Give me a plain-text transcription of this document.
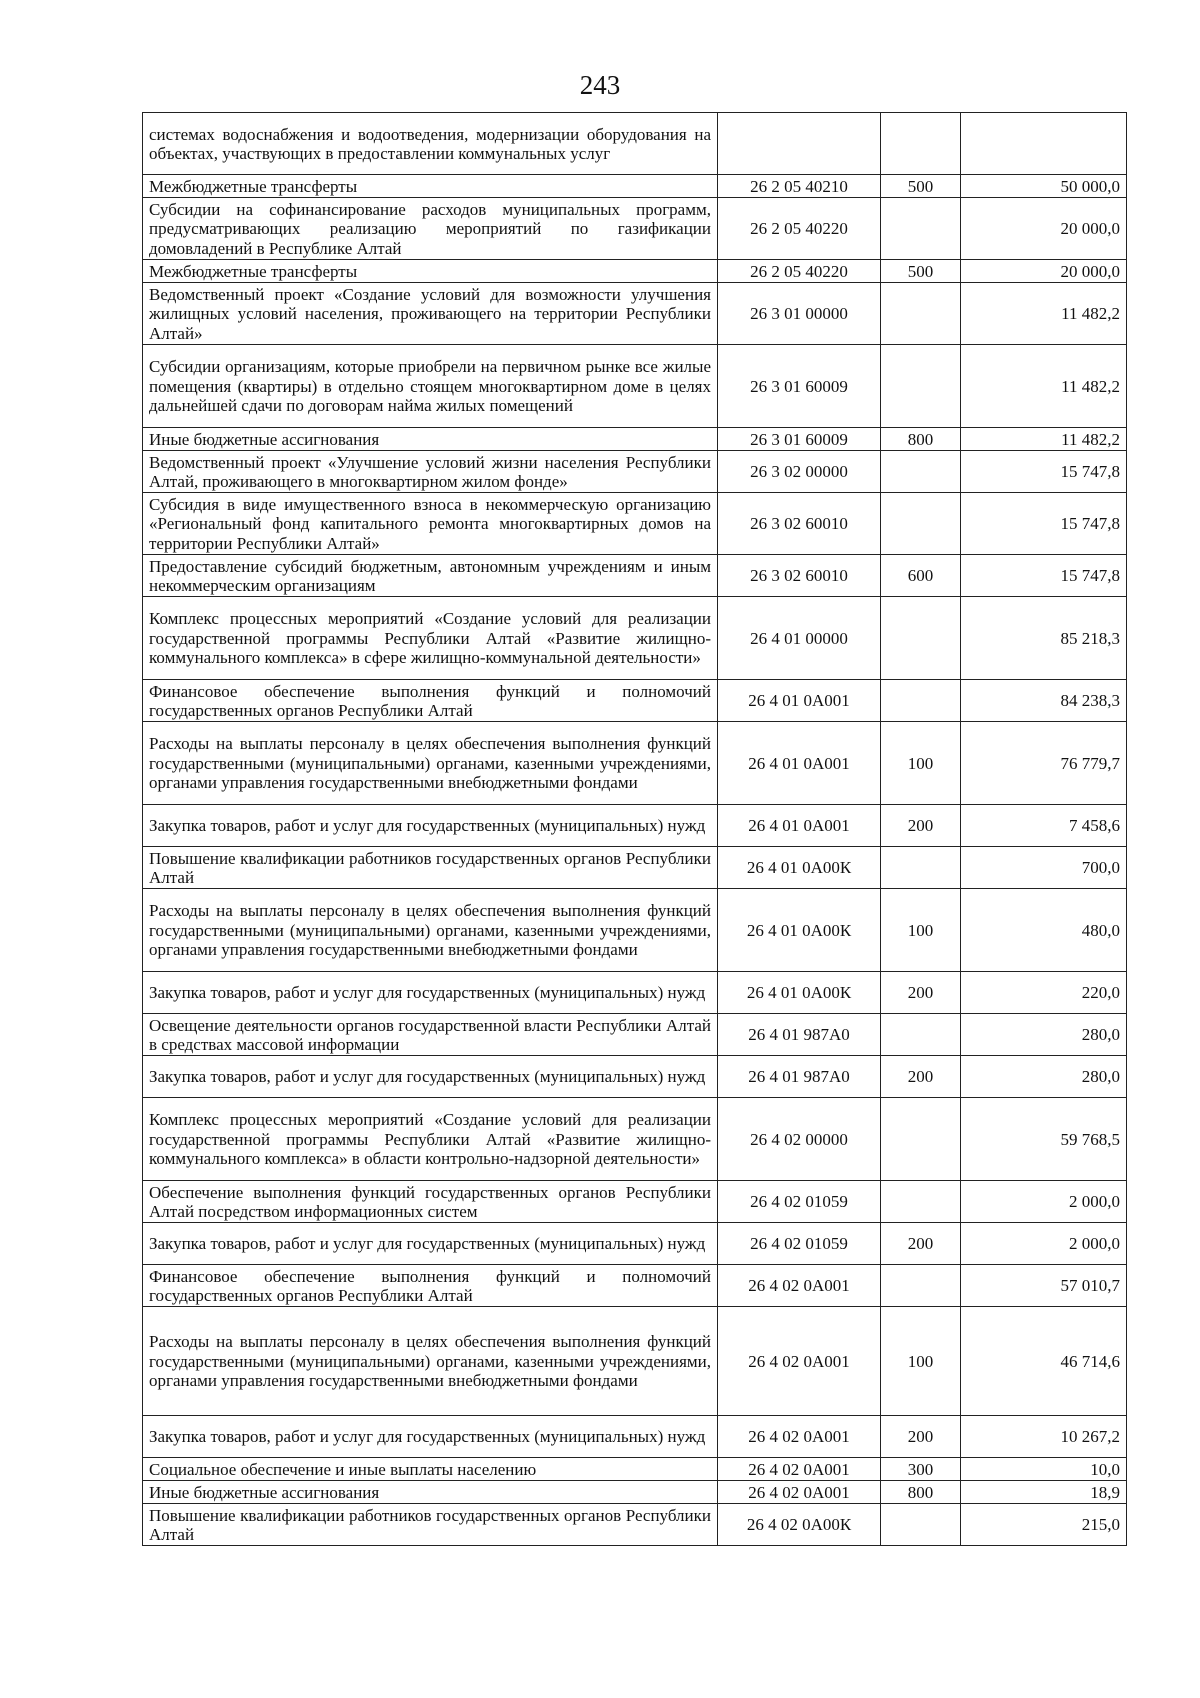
243
системах водоснабжения и водоотведения, модернизации оборудования на объектах, участвующих в предоставлении коммунальных услуг			
Межбюджетные трансферты	26 2 05 40210	500	50 000,0
Субсидии на софинансирование расходов муниципальных программ, предусматривающих реализацию мероприятий по газификации домовладений в Республике Алтай	26 2 05 40220		20 000,0
Межбюджетные трансферты	26 2 05 40220	500	20 000,0
Ведомственный проект «Создание условий для возможности улучшения жилищных условий населения, проживающего на территории Республики Алтай»	26 3 01 00000		11 482,2
Субсидии организациям, которые приобрели на первичном рынке все жилые помещения (квартиры) в отдельно стоящем многоквартирном доме в целях дальнейшей сдачи по договорам найма жилых помещений	26 3 01 60009		11 482,2
Иные бюджетные ассигнования	26 3 01 60009	800	11 482,2
Ведомственный проект «Улучшение условий жизни населения Республики Алтай, проживающего в многоквартирном жилом фонде»	26 3 02 00000		15 747,8
Субсидия в виде имущественного взноса в некоммерческую организацию «Региональный фонд капитального ремонта многоквартирных домов на территории Республики Алтай»	26 3 02 60010		15 747,8
Предоставление субсидий бюджетным, автономным учреждениям и иным некоммерческим организациям	26 3 02 60010	600	15 747,8
Комплекс процессных мероприятий «Создание условий для реализации государственной программы Республики Алтай «Развитие жилищно-коммунального комплекса» в сфере жилищно-коммунальной деятельности»	26 4 01 00000		85 218,3
Финансовое обеспечение выполнения функций и полномочий государственных органов Республики Алтай	26 4 01 0А001		84 238,3
Расходы на выплаты персоналу в целях обеспечения выполнения функций государственными (муниципальными) органами, казенными учреждениями, органами управления государственными внебюджетными фондами	26 4 01 0А001	100	76 779,7
Закупка товаров, работ и услуг для государственных (муниципальных) нужд	26 4 01 0А001	200	7 458,6
Повышение квалификации работников государственных органов Республики Алтай	26 4 01 0А00К		700,0
Расходы на выплаты персоналу в целях обеспечения выполнения функций государственными (муниципальными) органами, казенными учреждениями, органами управления государственными внебюджетными фондами	26 4 01 0А00К	100	480,0
Закупка товаров, работ и услуг для государственных (муниципальных) нужд	26 4 01 0А00К	200	220,0
Освещение деятельности органов государственной власти Республики Алтай в средствах массовой информации	26 4 01 987А0		280,0
Закупка товаров, работ и услуг для государственных (муниципальных) нужд	26 4 01 987А0	200	280,0
Комплекс процессных мероприятий «Создание условий для реализации государственной программы Республики Алтай «Развитие жилищно-коммунального комплекса» в области контрольно-надзорной деятельности»	26 4 02 00000		59 768,5
Обеспечение выполнения функций государственных органов Республики Алтай посредством информационных систем	26 4 02 01059		2 000,0
Закупка товаров, работ и услуг для государственных (муниципальных) нужд	26 4 02 01059	200	2 000,0
Финансовое обеспечение выполнения функций и полномочий государственных органов Республики Алтай	26 4 02 0А001		57 010,7
Расходы на выплаты персоналу в целях обеспечения выполнения функций государственными (муниципальными) органами, казенными учреждениями, органами управления государственными внебюджетными фондами	26 4 02 0А001	100	46 714,6
Закупка товаров, работ и услуг для государственных (муниципальных) нужд	26 4 02 0А001	200	10 267,2
Социальное обеспечение и иные выплаты населению	26 4 02 0А001	300	10,0
Иные бюджетные ассигнования	26 4 02 0А001	800	18,9
Повышение квалификации работников государственных органов Республики Алтай	26 4 02 0А00К		215,0
